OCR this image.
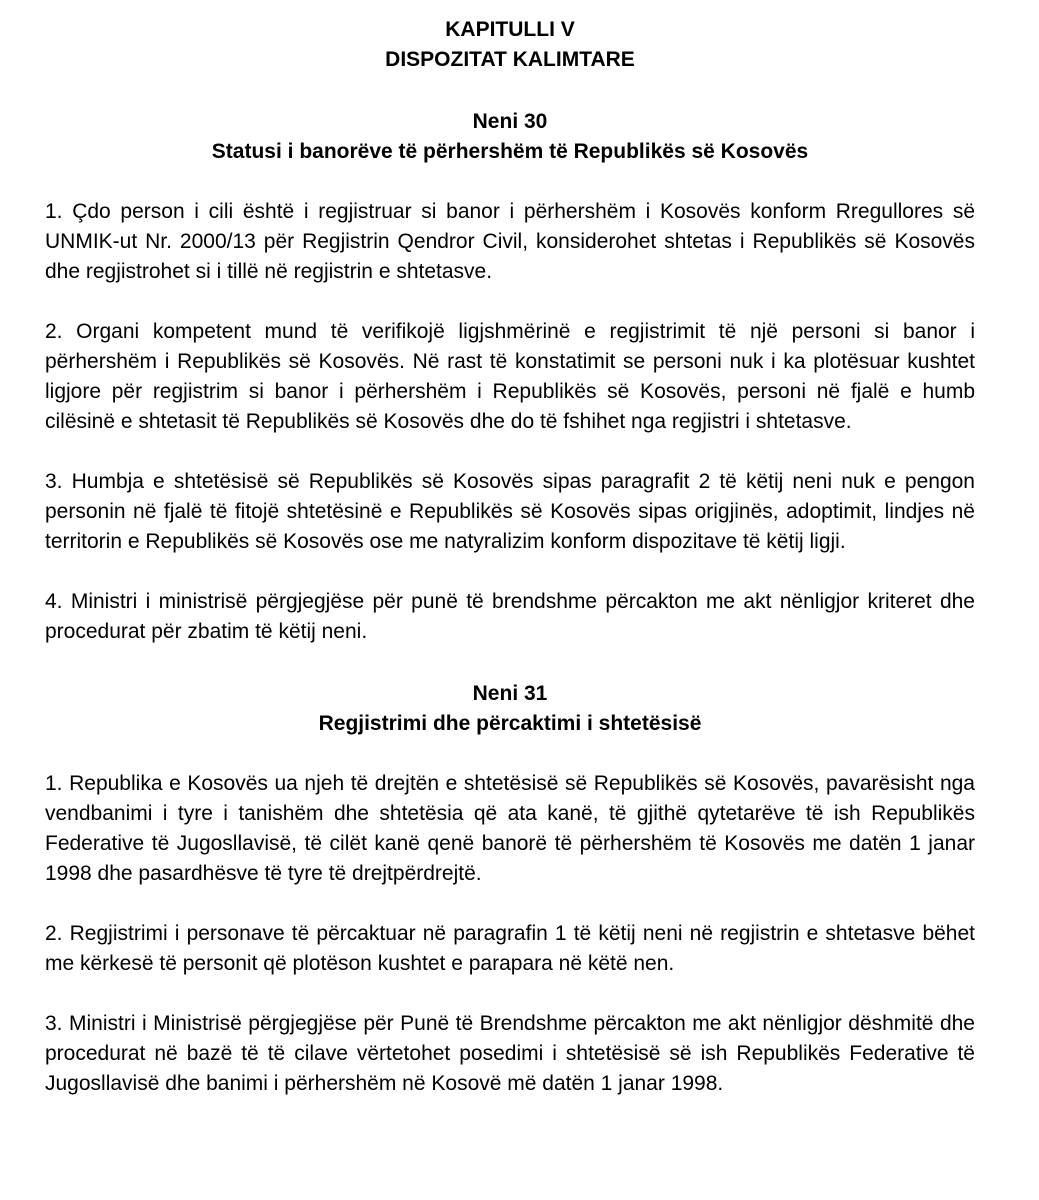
KAPITULLI V

DISPOZITAT KALIMTARE

Neni 30

Statusi i banorëve të përhershëm të Republikës së Kosovës

1. Çdo person i cili është i regjistruar si banor i përhershëm i Kosovës konform Rregullores së UNMIK-ut Nr. 2000/13 për Regjistrin Qendror Civil, konsiderohet shtetas i Republikës së Kosovës dhe regjistrohet si i tillë në regjistrin e shtetasve.

2. Organi kompetent mund të verifikojë ligjshmërinë e regjistrimit të një personi si banor i përhershëm i Republikës së Kosovës. Në rast të konstatimit se personi nuk i ka plotësuar kushtet ligjore për regjistrim si banor i përhershëm i Republikës së Kosovës, personi në fjalë e humb cilësinë e shtetasit të Republikës së Kosovës dhe do të fshihet nga regjistri i shtetasve.

3. Humbja e shtetësisë së Republikës së Kosovës sipas paragrafit 2 të këtij neni nuk e pengon personin në fjalë të fitojë shtetësinë e Republikës së Kosovës sipas origjinës, adoptimit, lindjes në territorin e Republikës së Kosovës ose me natyralizim konform dispozitave të këtij ligji.

4. Ministri i ministrisë përgjegjëse për punë të brendshme përcakton me akt nënligjor kriteret dhe procedurat për zbatim të këtij neni.

Neni 31

Regjistrimi dhe përcaktimi i shtetësisë

1. Republika e Kosovës ua njeh të drejtën e shtetësisë së Republikës së Kosovës, pavarësisht nga vendbanimi i tyre i tanishëm dhe shtetësia që ata kanë, të gjithë qytetarëve të ish Republikës Federative të Jugosllavisë, të cilët kanë qenë banorë të përhershëm të Kosovës me datën 1 janar 1998 dhe pasardhësve të tyre të drejtpërdrejtë.

2. Regjistrimi i personave të përcaktuar në paragrafin 1 të këtij neni në regjistrin e shtetasve bëhet me kërkesë të personit që plotëson kushtet e parapara në këtë nen.

3. Ministri i Ministrisë përgjegjëse për Punë të Brendshme përcakton me akt nënligjor dëshmitë dhe procedurat në bazë të të cilave vërtetohet posedimi i shtetësisë së ish Republikës Federative të Jugosllavisë dhe banimi i përhershëm në Kosovë më datën 1 janar 1998.
